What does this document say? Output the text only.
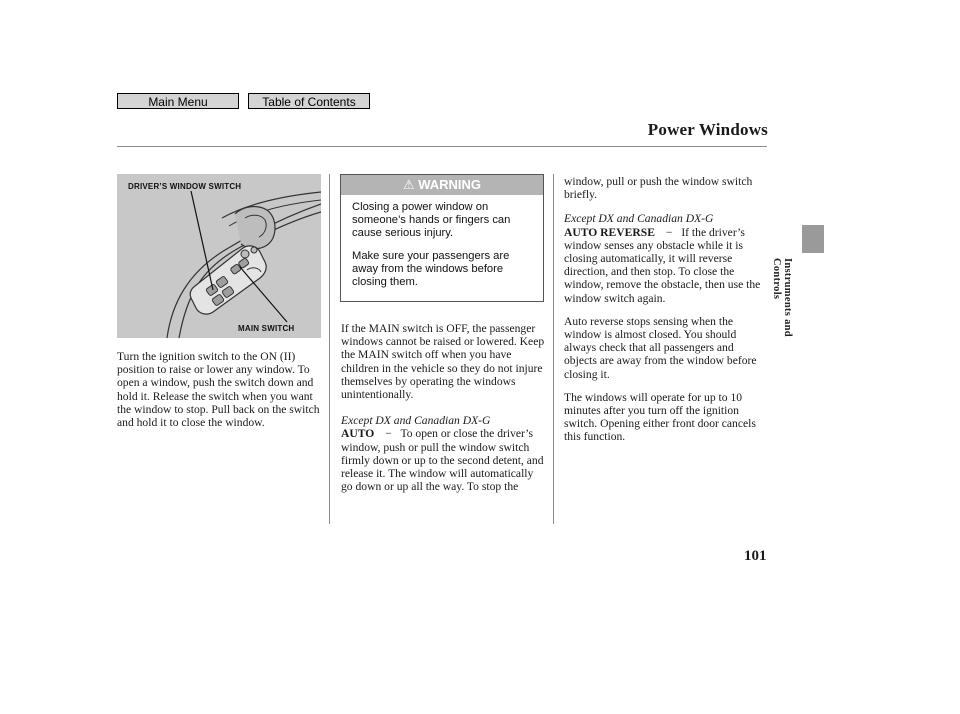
Main Menu	Table of Contents
Power Windows
Instruments and Controls
DRIVER’S WINDOW SWITCH
MAIN SWITCH
⚠ WARNING

Closing a power window on someone’s hands or fingers can cause serious injury.

Make sure your passengers are away from the windows before closing them.

Turn the ignition switch to the ON (II) position to raise or lower any window. To open a window, push the switch down and hold it. Release the switch when you want the window to stop. Pull back on the switch and hold it to close the window.

If the MAIN switch is OFF, the passenger windows cannot be raised or lowered. Keep the MAIN switch off when you have children in the vehicle so they do not injure themselves by operating the windows unintentionally.

Except DX and Canadian DX-G

AUTO − To open or close the driver’s window, push or pull the window switch firmly down or up to the second detent, and release it. The window will automatically go down or up all the way. To stop the

window, pull or push the window switch briefly.

Except DX and Canadian DX-G

AUTO REVERSE − If the driver’s window senses any obstacle while it is closing automatically, it will reverse direction, and then stop. To close the window, remove the obstacle, then use the window switch again.

Auto reverse stops sensing when the window is almost closed. You should always check that all passengers and objects are away from the window before closing it.

The windows will operate for up to 10 minutes after you turn off the ignition switch. Opening either front door cancels this function.

101
